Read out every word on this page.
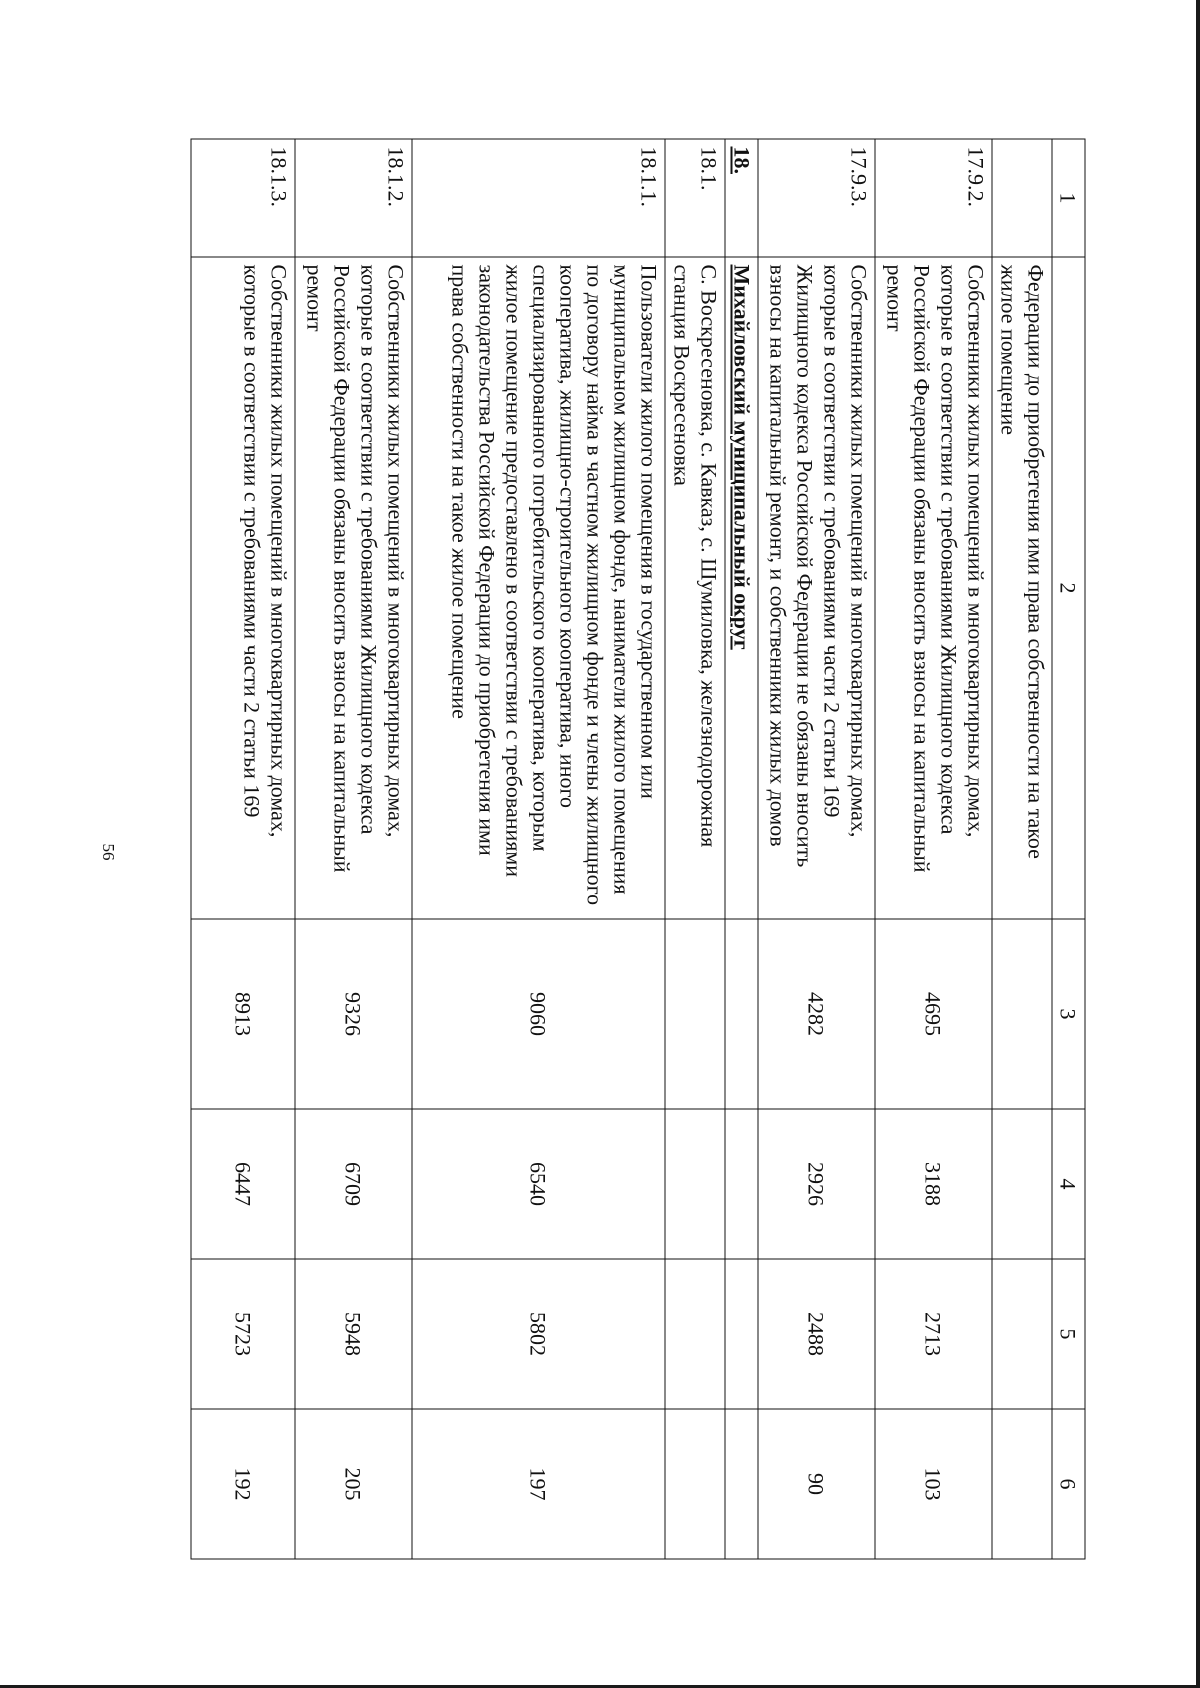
56
1	2	3	4	5	6
	Федерации до приобретения ими права собственности на такое жилое помещение				
17.9.2.	Собственники жилых помещений в многоквартирных домах, которые в соответствии с требованиями Жилищного кодекса Российской Федерации обязаны вносить взносы на капитальный ремонт	4695	3188	2713	103
17.9.3.	Собственники жилых помещений в многоквартирных домах, которые в соответствии с требованиями части 2 статьи 169 Жилищного кодекса Российской Федерации не обязаны вносить взносы на капитальный ремонт, и собственники жилых домов	4282	2926	2488	90
18.	Михайловский муниципальный округ				
18.1.	С. Воскресеновка, с. Кавказ, с. Шумиловка, железнодорожная станция Воскресеновка				
18.1.1.	Пользователи жилого помещения в государственном или муниципальном жилищном фонде, наниматели жилого помещения по договору найма в частном жилищном фонде и члены жилищного кооператива, жилищно-строительного кооператива, иного специализированного потребительского кооператива, которым жилое помещение предоставлено в соответствии с требованиями законодательства Российской Федерации до приобретения ими права собственности на такое жилое помещение	9060	6540	5802	197
18.1.2.	Собственники жилых помещений в многоквартирных домах, которые в соответствии с требованиями Жилищного кодекса Российской Федерации обязаны вносить взносы на капитальный ремонт	9326	6709	5948	205
18.1.3.	Собственники жилых помещений в многоквартирных домах, которые в соответствии с требованиями части 2 статьи 169	8913	6447	5723	192
